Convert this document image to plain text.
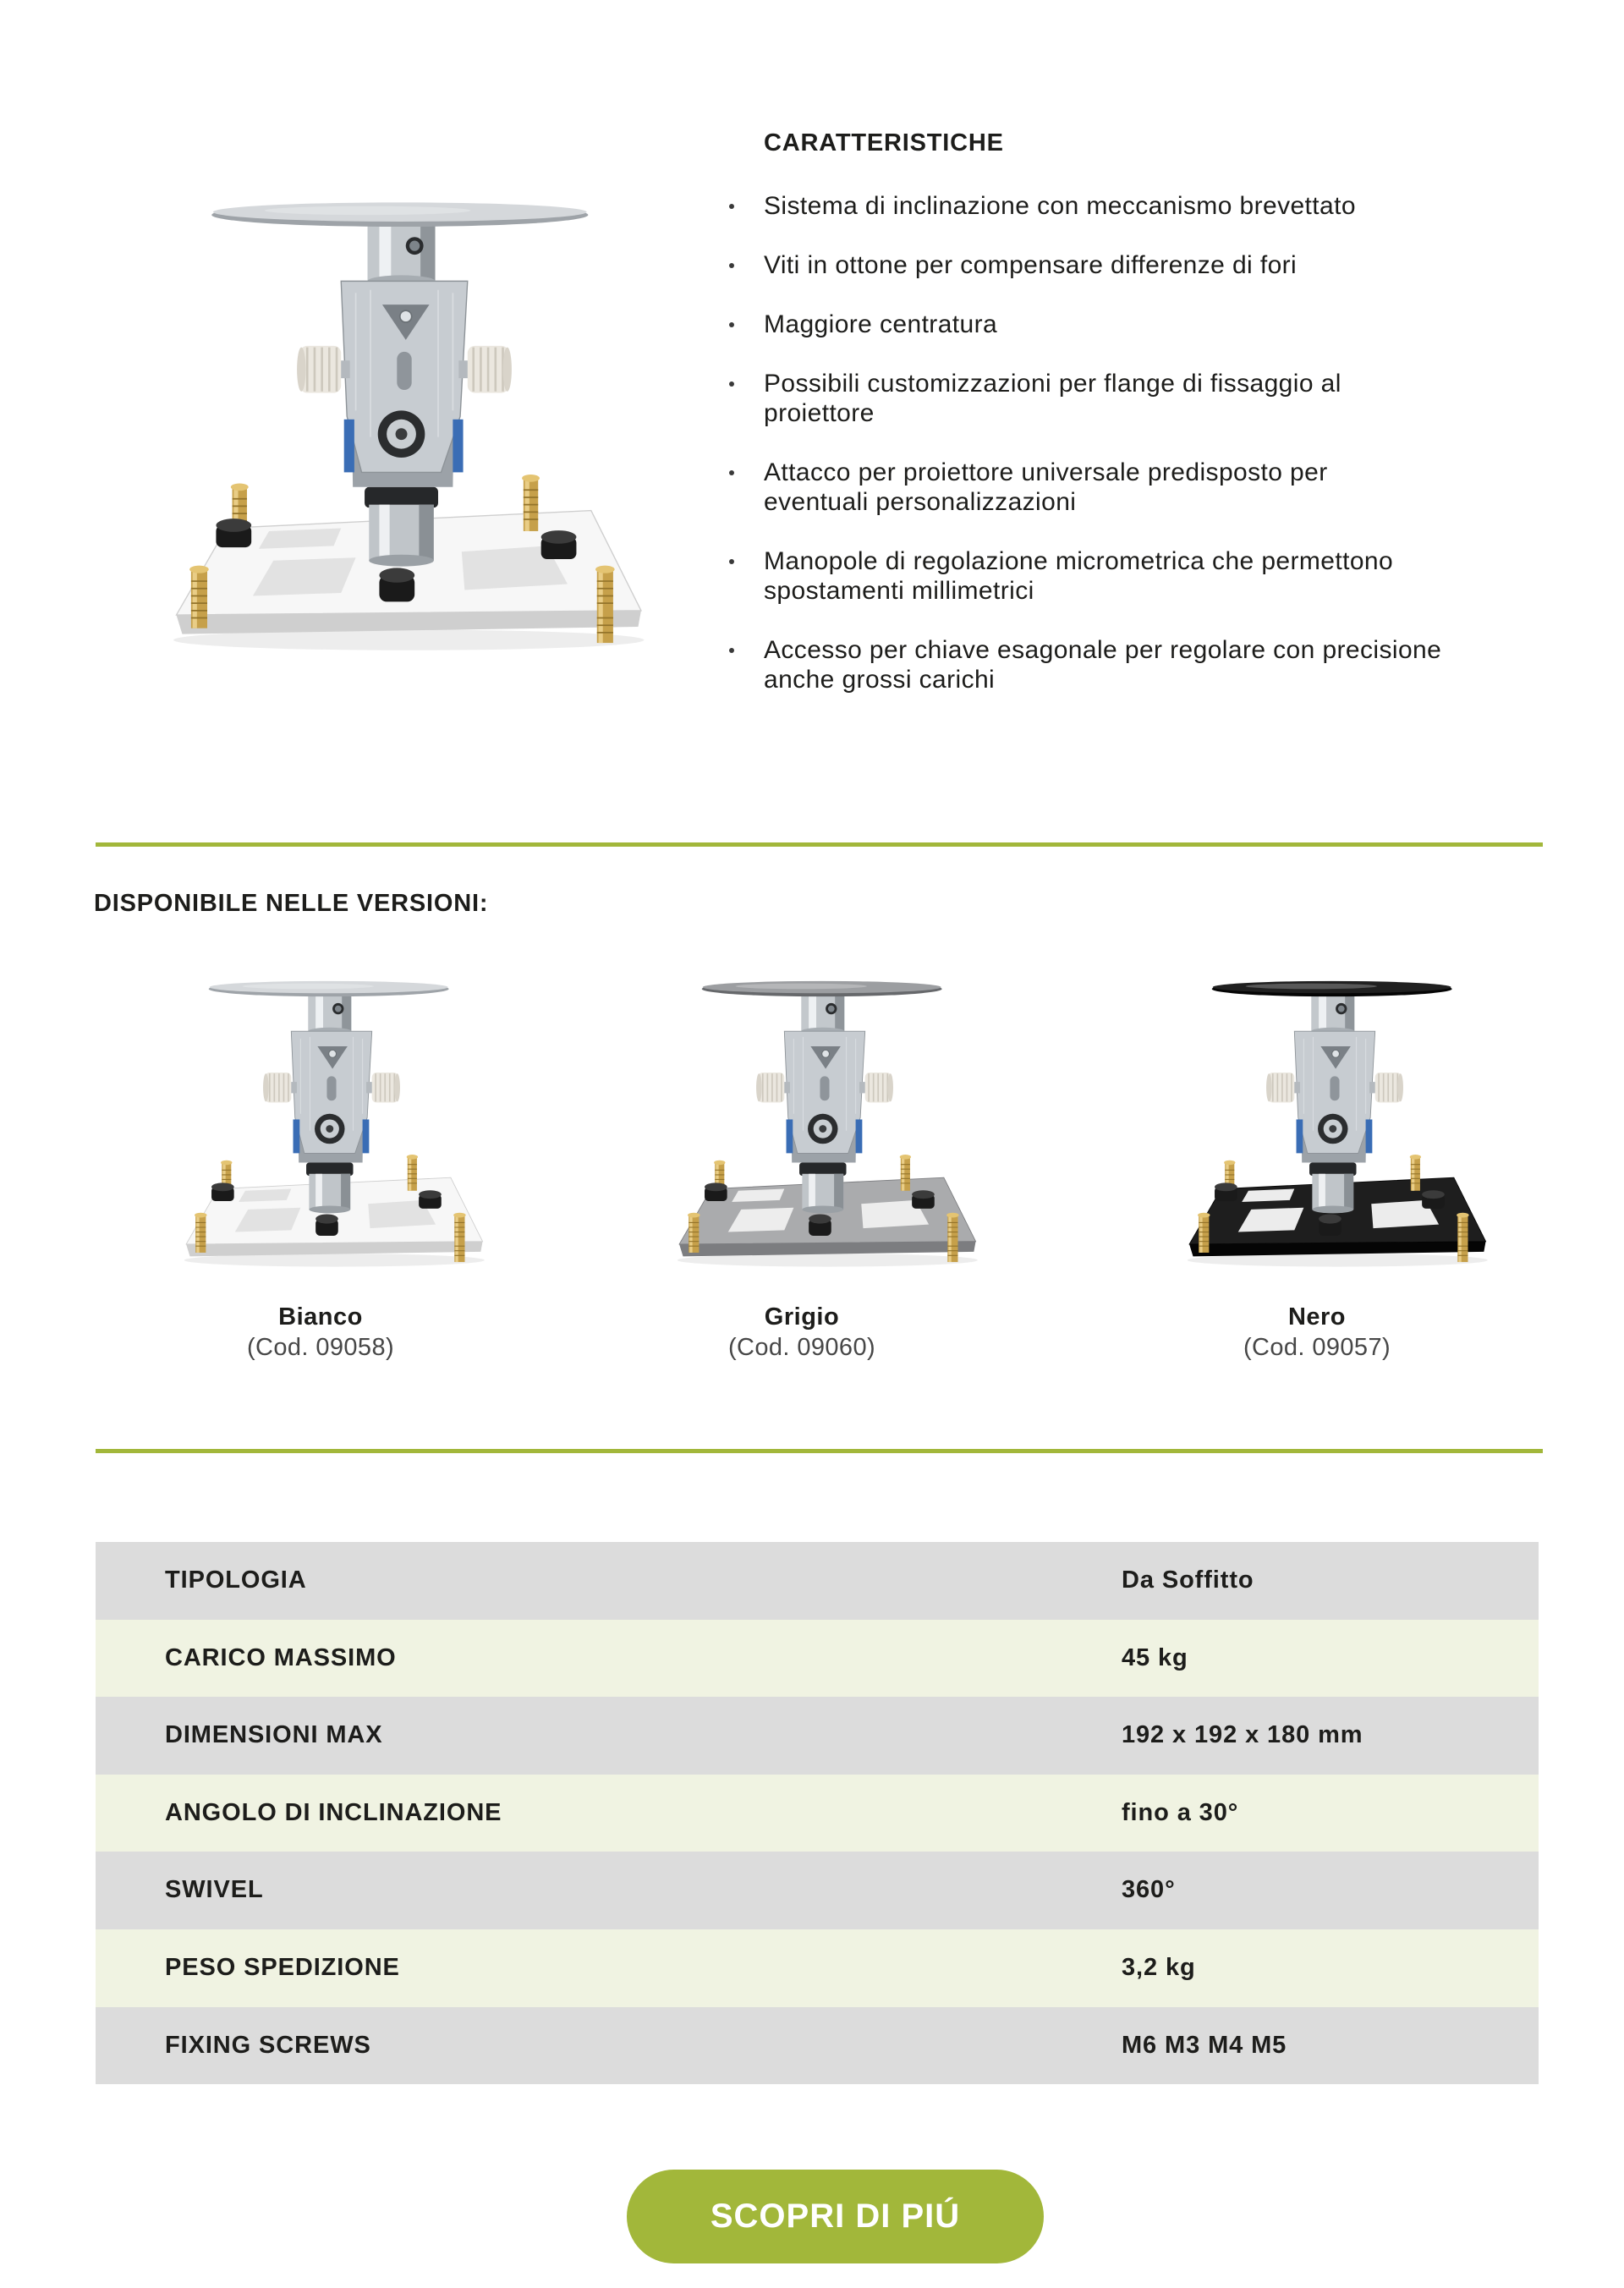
CARATTERISTICHE
Sistema di inclinazione con meccanismo brevettato
Viti in ottone per compensare differenze di fori
Maggiore centratura
Possibili customizzazioni per flange di fissaggio al
proiettore
Attacco per proiettore universale predisposto per
eventuali personalizzazioni
Manopole di regolazione micrometrica che permettono
spostamenti millimetrici
Accesso per chiave esagonale per regolare con precisione
anche grossi carichi
DISPONIBILE NELLE VERSIONI:
Bianco
(Cod. 09058)
Grigio
(Cod. 09060)
Nero
(Cod. 09057)
TIPOLOGIA	Da Soffitto
CARICO MASSIMO	45 kg
DIMENSIONI MAX	192 x 192 x 180 mm
ANGOLO DI INCLINAZIONE	fino a 30°
SWIVEL	360°
PESO SPEDIZIONE	3,2 kg
FIXING SCREWS	M6 M3 M4 M5
SCOPRI DI PIÚ
